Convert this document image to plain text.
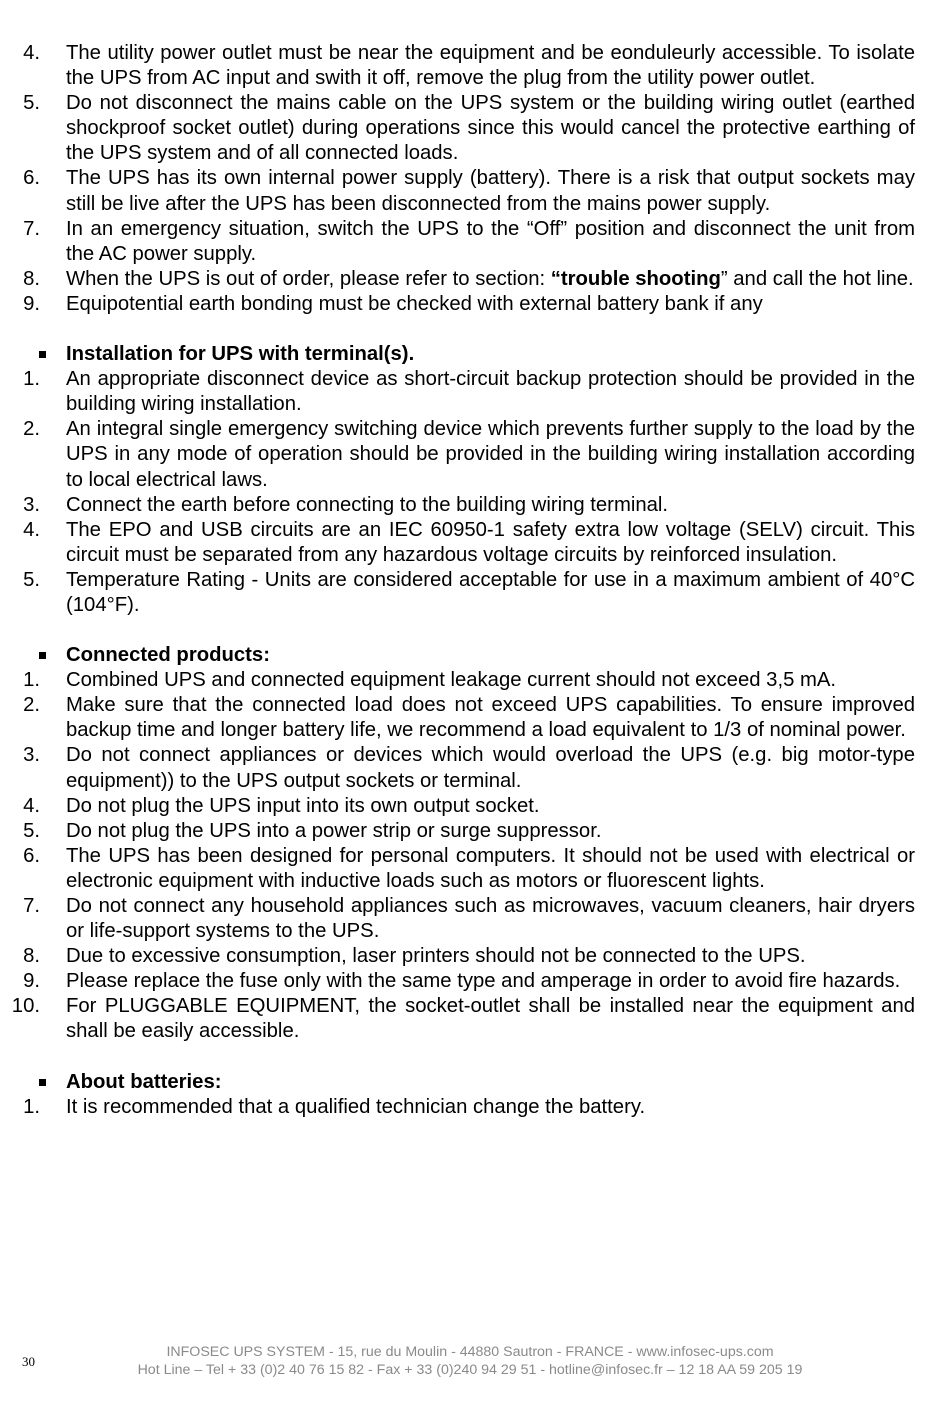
4. The utility power outlet must be near the equipment and be eonduleurly accessible. To isolate the UPS from AC input and swith it off, remove the plug from the utility power outlet.
5. Do not disconnect the mains cable on the UPS system or the building wiring outlet (earthed shockproof socket outlet) during operations since this would cancel the protective earthing of the UPS system and of all connected loads.
6. The UPS has its own internal power supply (battery). There is a risk that output sockets may still be live after the UPS has been disconnected from the mains power supply.
7. In an emergency situation, switch the UPS to the “Off” position and disconnect the unit from the AC power supply.
8. When the UPS is out of order, please refer to section: “trouble shooting” and call the hot line.
9. Equipotential earth bonding must be checked with external battery bank if any
Installation for UPS with terminal(s).
1. An appropriate disconnect device as short-circuit backup protection should be provided in the building wiring installation.
2. An integral single emergency switching device which prevents further supply to the load by the UPS in any mode of operation should be provided in the building wiring installation according to local electrical laws.
3. Connect the earth before connecting to the building wiring terminal.
4. The EPO and USB circuits are an IEC 60950-1 safety extra low voltage (SELV) circuit. This circuit must be separated from any hazardous voltage circuits by reinforced insulation.
5. Temperature Rating - Units are considered acceptable for use in a maximum ambient of 40°C (104°F).
Connected products:
1. Combined UPS and connected equipment leakage current should not exceed 3,5 mA.
2. Make sure that the connected load does not exceed UPS capabilities. To ensure improved backup time and longer battery life, we recommend a load equivalent to 1/3 of nominal power.
3. Do not connect appliances or devices which would overload the UPS (e.g. big motor-type equipment)) to the UPS output sockets or terminal.
4. Do not plug the UPS input into its own output socket.
5. Do not plug the UPS into a power strip or surge suppressor.
6. The UPS has been designed for personal computers. It should not be used with electrical or electronic equipment with inductive loads such as motors or fluorescent lights.
7. Do not connect any household appliances such as microwaves, vacuum cleaners, hair dryers or life-support systems to the UPS.
8. Due to excessive consumption, laser printers should not be connected to the UPS.
9. Please replace the fuse only with the same type and amperage in order to avoid fire hazards.
10. For PLUGGABLE EQUIPMENT, the socket-outlet shall be installed near the equipment and shall be easily accessible.
About batteries:
1. It is recommended that a qualified technician change the battery.
30
INFOSEC UPS SYSTEM - 15, rue du Moulin - 44880 Sautron - FRANCE - www.infosec-ups.com
Hot Line – Tel + 33 (0)2 40 76 15 82 - Fax + 33 (0)240 94 29 51 - hotline@infosec.fr – 12 18 AA 59 205 19
